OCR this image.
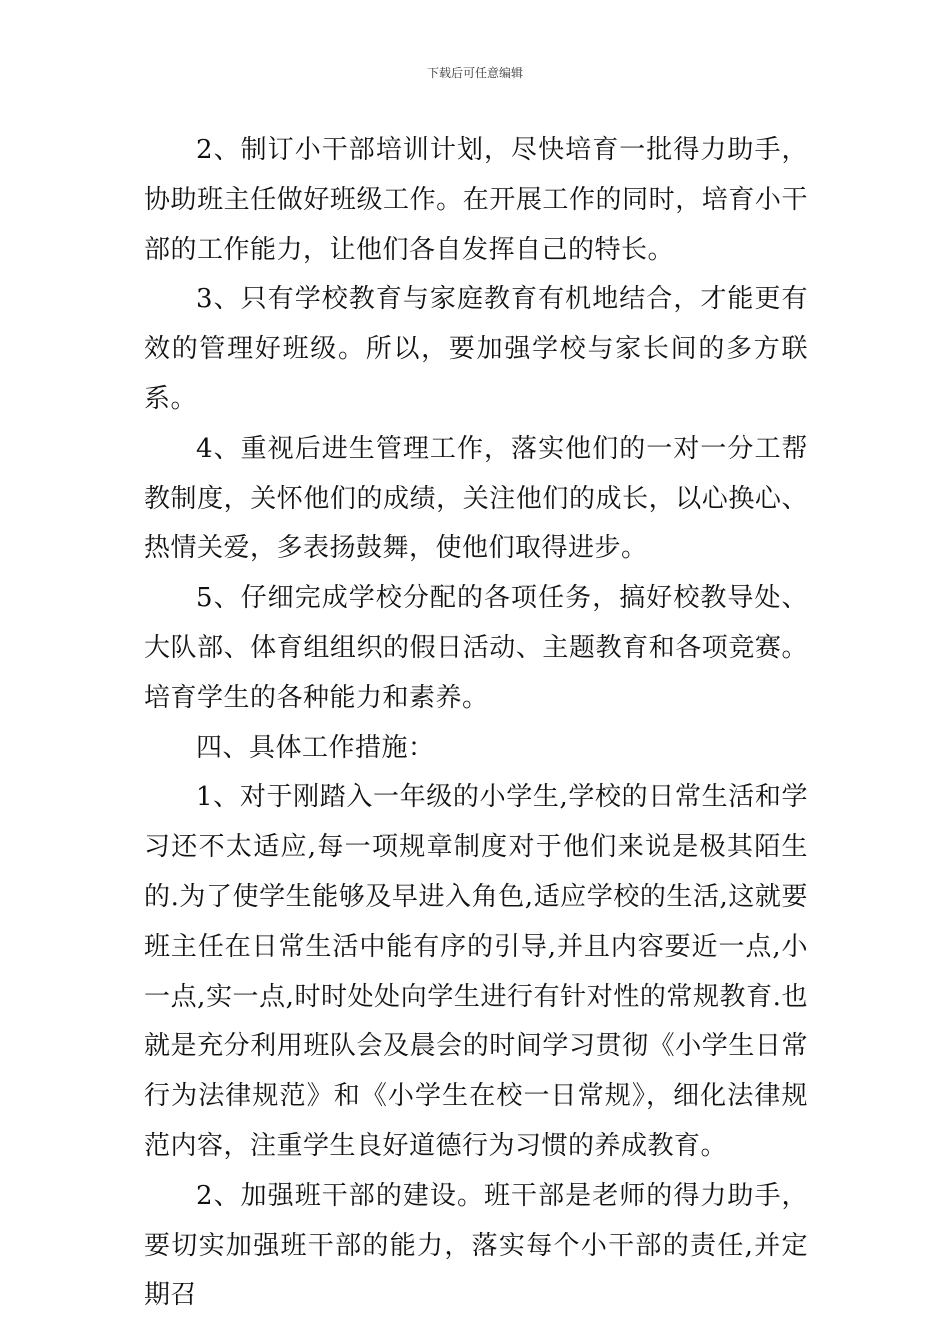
下载后可任意编辑

2、制订小干部培训计划，尽快培育一批得力助手，协助班主任做好班级工作。在开展工作的同时，培育小干部的工作能力，让他们各自发挥自己的特长。

3、只有学校教育与家庭教育有机地结合，才能更有效的管理好班级。所以，要加强学校与家长间的多方联系。

4、重视后进生管理工作，落实他们的一对一分工帮教制度，关怀他们的成绩，关注他们的成长，以心换心、热情关爱，多表扬鼓舞，使他们取得进步。

5、仔细完成学校分配的各项任务，搞好校教导处、大队部、体育组组织的假日活动、主题教育和各项竞赛。培育学生的各种能力和素养。

四、具体工作措施：

1、对于刚踏入一年级的小学生,学校的日常生活和学习还不太适应,每一项规章制度对于他们来说是极其陌生的.为了使学生能够及早进入角色,适应学校的生活,这就要班主任在日常生活中能有序的引导,并且内容要近一点,小一点,实一点,时时处处向学生进行有针对性的常规教育.也就是充分利用班队会及晨会的时间学习贯彻《小学生日常行为法律规范》和《小学生在校一日常规》，细化法律规范内容，注重学生良好道德行为习惯的养成教育。

2、加强班干部的建设。班干部是老师的得力助手，要切实加强班干部的能力，落实每个小干部的责任,并定期召
